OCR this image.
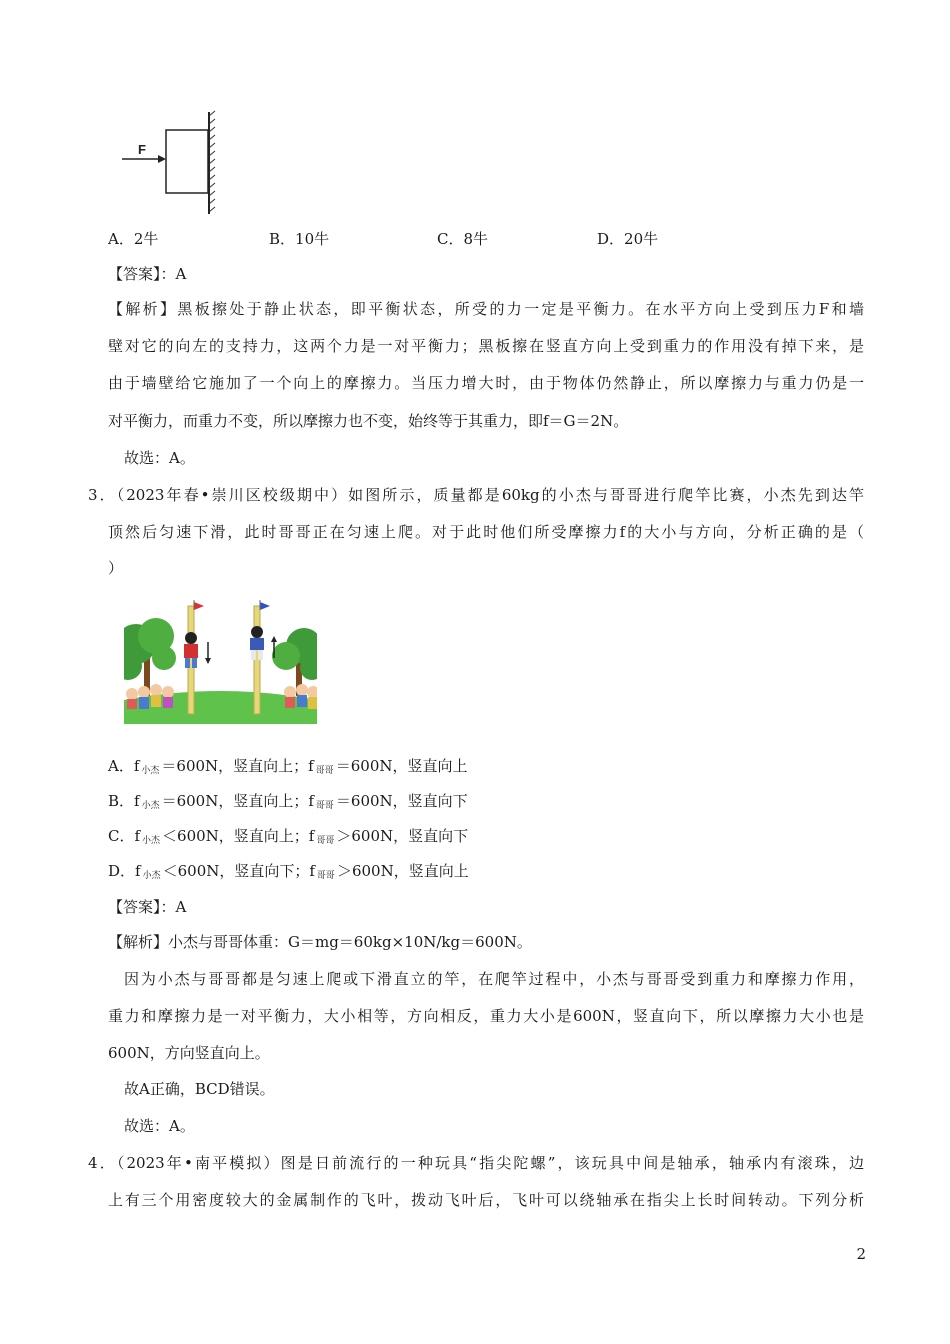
F
A．2牛	B．10牛	C．8牛	D．20牛
【答案】：A
【解析】黑板擦处于静止状态，即平衡状态，所受的力一定是平衡力。在水平方向上受到压力F和墙
壁对它的向左的支持力，这两个力是一对平衡力；黑板擦在竖直方向上受到重力的作用没有掉下来，是
由于墙壁给它施加了一个向上的摩擦力。当压力增大时，由于物体仍然静止，所以摩擦力与重力仍是一
对平衡力，而重力不变，所以摩擦力也不变，始终等于其重力，即f＝G＝2N。
故选：A。
3．（2023年春•崇川区校级期中）如图所示，质量都是60kg的小杰与哥哥进行爬竿比赛，小杰先到达竿
顶然后匀速下滑，此时哥哥正在匀速上爬。对于此时他们所受摩擦力f的大小与方向，分析正确的是（
）
A．f $_{小杰}$ ＝600N，竖直向上；f $_{哥哥}$ ＝600N，竖直向上
B．f $_{小杰}$ ＝600N，竖直向上；f $_{哥哥}$ ＝600N，竖直向下
C．f $_{小杰}$ ＜600N，竖直向上；f $_{哥哥}$ ＞600N，竖直向下
D．f $_{小杰}$ ＜600N，竖直向下；f $_{哥哥}$ ＞600N，竖直向上
【答案】：A
【解析】小杰与哥哥体重：G＝mg＝60kg×10N/kg＝600N。
因为小杰与哥哥都是匀速上爬或下滑直立的竿，在爬竿过程中，小杰与哥哥受到重力和摩擦力作用，
重力和摩擦力是一对平衡力，大小相等，方向相反，重力大小是600N，竖直向下，所以摩擦力大小也是
600N，方向竖直向上。
故A正确，BCD错误。
故选：A。
4．（2023年•南平模拟）图是日前流行的一种玩具“指尖陀螺”，该玩具中间是轴承，轴承内有滚珠，边
上有三个用密度较大的金属制作的飞叶，拨动飞叶后，飞叶可以绕轴承在指尖上长时间转动。下列分析
2
